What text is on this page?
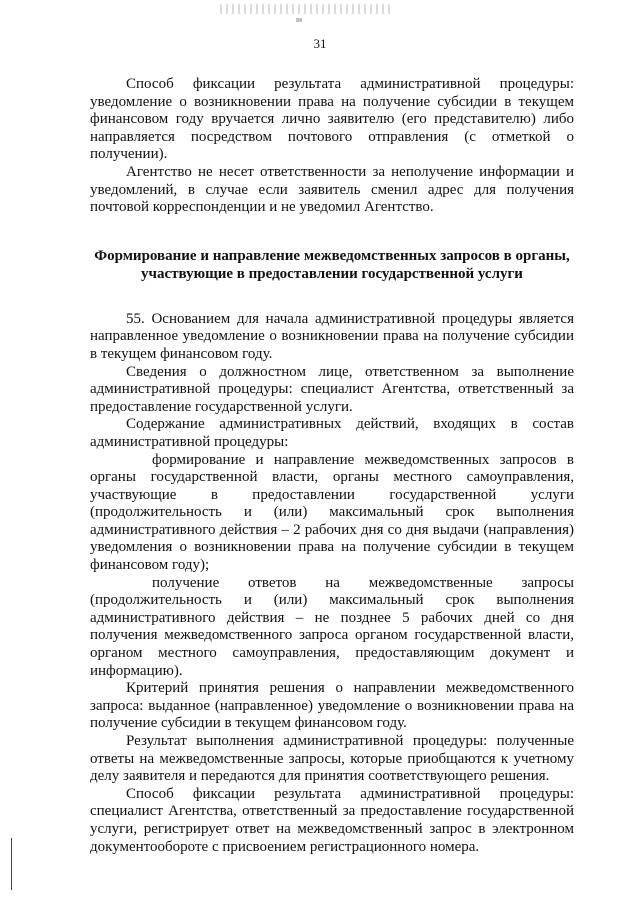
31

Способ фиксации результата административной процедуры: уведомление о возникновении права на получение субсидии в текущем финансовом году вручается лично заявителю (его представителю) либо направляется посредством почтового отправления (с отметкой о получении).

Агентство не несет ответственности за неполучение информации и уведомлений, в случае если заявитель сменил адрес для получения почтовой корреспонденции и не уведомил Агентство.

Формирование и направление межведомственных запросов в органы, участвующие в предоставлении государственной услуги

55. Основанием для начала административной процедуры является направленное уведомление о возникновении права на получение субсидии в текущем финансовом году.

Сведения о должностном лице, ответственном за выполнение административной процедуры: специалист Агентства, ответственный за предоставление государственной услуги.

Содержание административных действий, входящих в состав административной процедуры:

формирование и направление межведомственных запросов в органы государственной власти, органы местного самоуправления, участвующие в предоставлении государственной услуги (продолжительность и (или) максимальный срок выполнения административного действия – 2 рабочих дня со дня выдачи (направления) уведомления о возникновении права на получение субсидии в текущем финансовом году);

получение ответов на межведомственные запросы (продолжительность и (или) максимальный срок выполнения административного действия – не позднее 5 рабочих дней со дня получения межведомственного запроса органом государственной власти, органом местного самоуправления, предоставляющим документ и информацию).

Критерий принятия решения о направлении межведомственного запроса: выданное (направленное) уведомление о возникновении права на получение субсидии в текущем финансовом году.

Результат выполнения административной процедуры: полученные ответы на межведомственные запросы, которые приобщаются к учетному делу заявителя и передаются для принятия соответствующего решения.

Способ фиксации результата административной процедуры: специалист Агентства, ответственный за предоставление государственной услуги, регистрирует ответ на межведомственный запрос в электронном документообороте с присвоением регистрационного номера.
